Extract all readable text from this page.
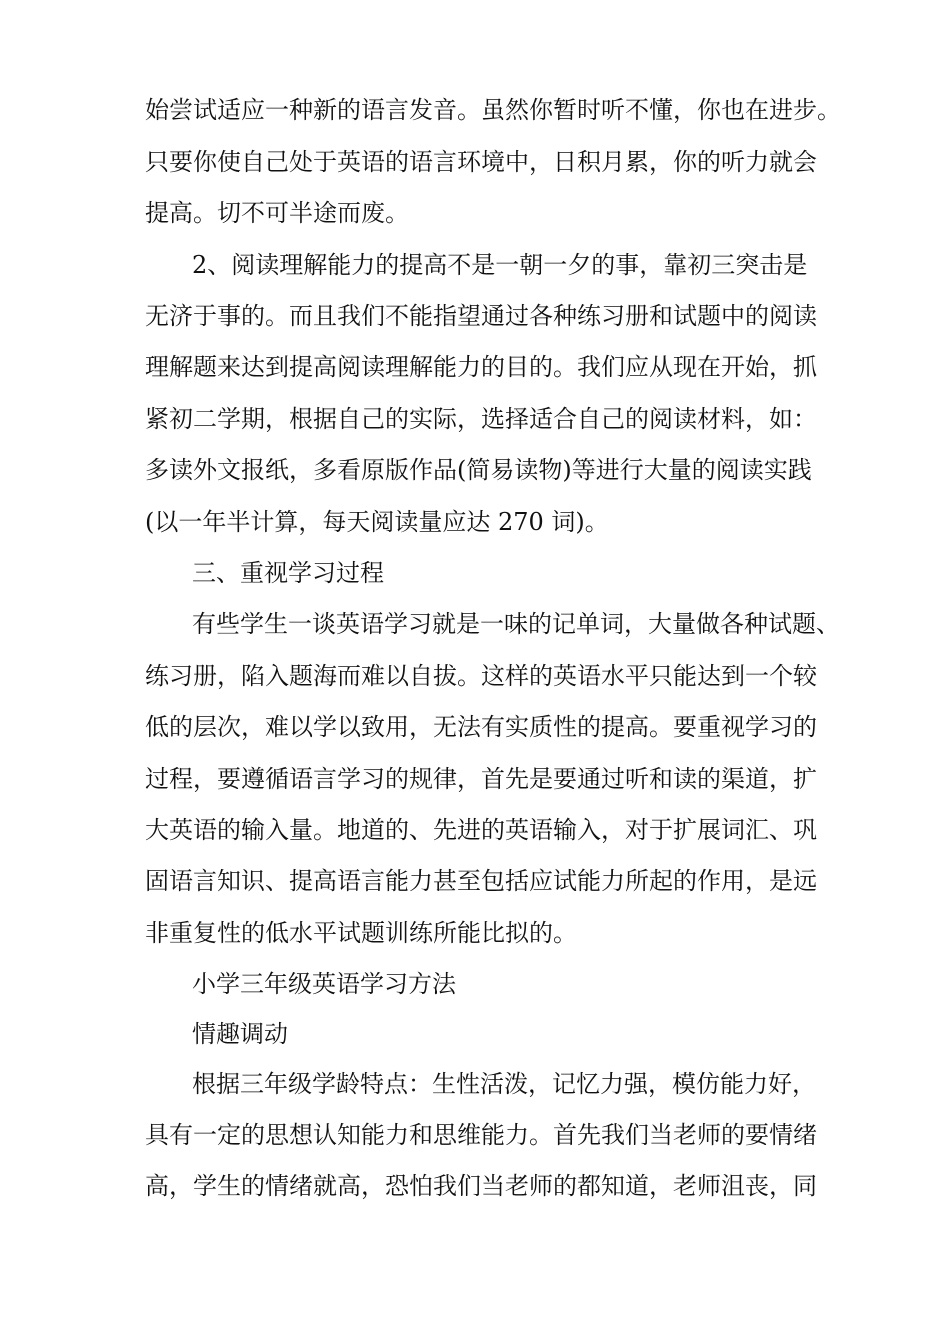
始尝试适应一种新的语言发音。虽然你暂时听不懂，你也在进步。
只要你使自己处于英语的语言环境中，日积月累，你的听力就会
提高。切不可半途而废。
2、阅读理解能力的提高不是一朝一夕的事，靠初三突击是
无济于事的。而且我们不能指望通过各种练习册和试题中的阅读
理解题来达到提高阅读理解能力的目的。我们应从现在开始，抓
紧初二学期，根据自己的实际，选择适合自己的阅读材料，如：
多读外文报纸，多看原版作品(简易读物)等进行大量的阅读实践
(以一年半计算，每天阅读量应达 270 词)。
三、重视学习过程
有些学生一谈英语学习就是一味的记单词，大量做各种试题、
练习册，陷入题海而难以自拔。这样的英语水平只能达到一个较
低的层次，难以学以致用，无法有实质性的提高。要重视学习的
过程，要遵循语言学习的规律，首先是要通过听和读的渠道，扩
大英语的输入量。地道的、先进的英语输入，对于扩展词汇、巩
固语言知识、提高语言能力甚至包括应试能力所起的作用，是远
非重复性的低水平试题训练所能比拟的。
小学三年级英语学习方法
情趣调动
根据三年级学龄特点：生性活泼，记忆力强，模仿能力好，
具有一定的思想认知能力和思维能力。首先我们当老师的要情绪
高，学生的情绪就高，恐怕我们当老师的都知道，老师沮丧，同
